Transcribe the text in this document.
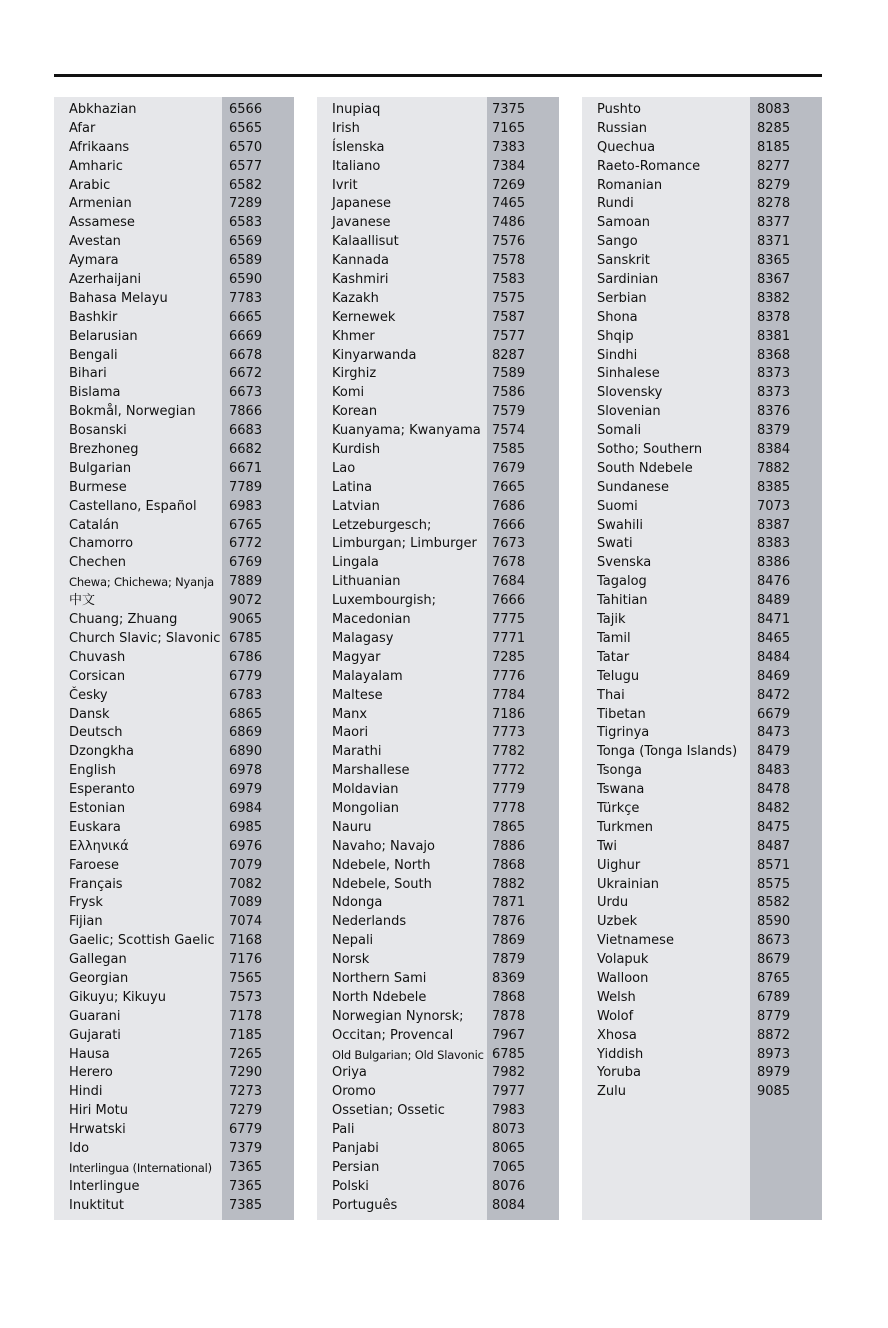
Abkhazian	6566
Afar	6565
Afrikaans	6570
Amharic	6577
Arabic	6582
Armenian	7289
Assamese	6583
Avestan	6569
Aymara	6589
Azerhaijani	6590
Bahasa Melayu	7783
Bashkir	6665
Belarusian	6669
Bengali	6678
Bihari	6672
Bislama	6673
Bokmål, Norwegian	7866
Bosanski	6683
Brezhoneg	6682
Bulgarian	6671
Burmese	7789
Castellano, Español 6983
Catalán	6765
Chamorro	6772
Chechen	6769
Chewa; Chichewa; Nyanja 7889
中文	9072
Chuang; Zhuang	9065
Church Slavic; Slavonic 6785
Chuvash	6786
Corsican	6779
Česky	6783
Dansk	6865
Deutsch	6869
Dzongkha	6890
English	6978
Esperanto	6979
Estonian	6984
Euskara	6985
Ελληνικά	6976
Faroese	7079
Français	7082
Frysk	7089
Fijian	7074
Gaelic; Scottish Gaelic 7168
Gallegan	7176
Georgian	7565
Gikuyu; Kikuyu	7573
Guarani	7178
Gujarati	7185
Hausa	7265
Herero	7290
Hindi	7273
Hiri Motu	7279
Hrwatski	6779
Ido	7379
Interlingua (International) 7365
Interlingue	7365
Inuktitut	7385
Inupiaq	7375
Irish	7165
Íslenska	7383
Italiano	7384
Ivrit	7269
Japanese	7465
Javanese	7486
Kalaallisut	7576
Kannada	7578
Kashmiri	7583
Kazakh	7575
Kernewek	7587
Khmer	7577
Kinyarwanda	8287
Kirghiz	7589
Komi	7586
Korean	7579
Kuanyama; Kwanyama 7574
Kurdish	7585
Lao	7679
Latina	7665
Latvian	7686
Letzeburgesch;	7666
Limburgan; Limburger 7673
Lingala	7678
Lithuanian	7684
Luxembourgish;	7666
Macedonian	7775
Malagasy	7771
Magyar	7285
Malayalam	7776
Maltese	7784
Manx	7186
Maori	7773
Marathi	7782
Marshallese	7772
Moldavian	7779
Mongolian	7778
Nauru	7865
Navaho; Navajo	7886
Ndebele, North	7868
Ndebele, South	7882
Ndonga	7871
Nederlands	7876
Nepali	7869
Norsk	7879
Northern Sami	8369
North Ndebele	7868
Norwegian Nynorsk; 7878
Occitan; Provencal	7967
Old Bulgarian; Old Slavonic 6785
Oriya	7982
Oromo	7977
Ossetian; Ossetic	7983
Pali	8073
Panjabi	8065
Persian	7065
Polski	8076
Português	8084
Pushto	8083
Russian	8285
Quechua	8185
Raeto-Romance	8277
Romanian	8279
Rundi	8278
Samoan	8377
Sango	8371
Sanskrit	8365
Sardinian	8367
Serbian	8382
Shona	8378
Shqip	8381
Sindhi	8368
Sinhalese	8373
Slovensky	8373
Slovenian	8376
Somali	8379
Sotho; Southern	8384
South Ndebele	7882
Sundanese	8385
Suomi	7073
Swahili	8387
Swati	8383
Svenska	8386
Tagalog	8476
Tahitian	8489
Tajik	8471
Tamil	8465
Tatar	8484
Telugu	8469
Thai	8472
Tibetan	6679
Tigrinya	8473
Tonga (Tonga Islands) 8479
Tsonga	8483
Tswana	8478
Türkçe	8482
Turkmen	8475
Twi	8487
Uighur	8571
Ukrainian	8575
Urdu	8582
Uzbek	8590
Vietnamese	8673
Volapuk	8679
Walloon	8765
Welsh	6789
Wolof	8779
Xhosa	8872
Yiddish	8973
Yoruba	8979
Zulu	9085
